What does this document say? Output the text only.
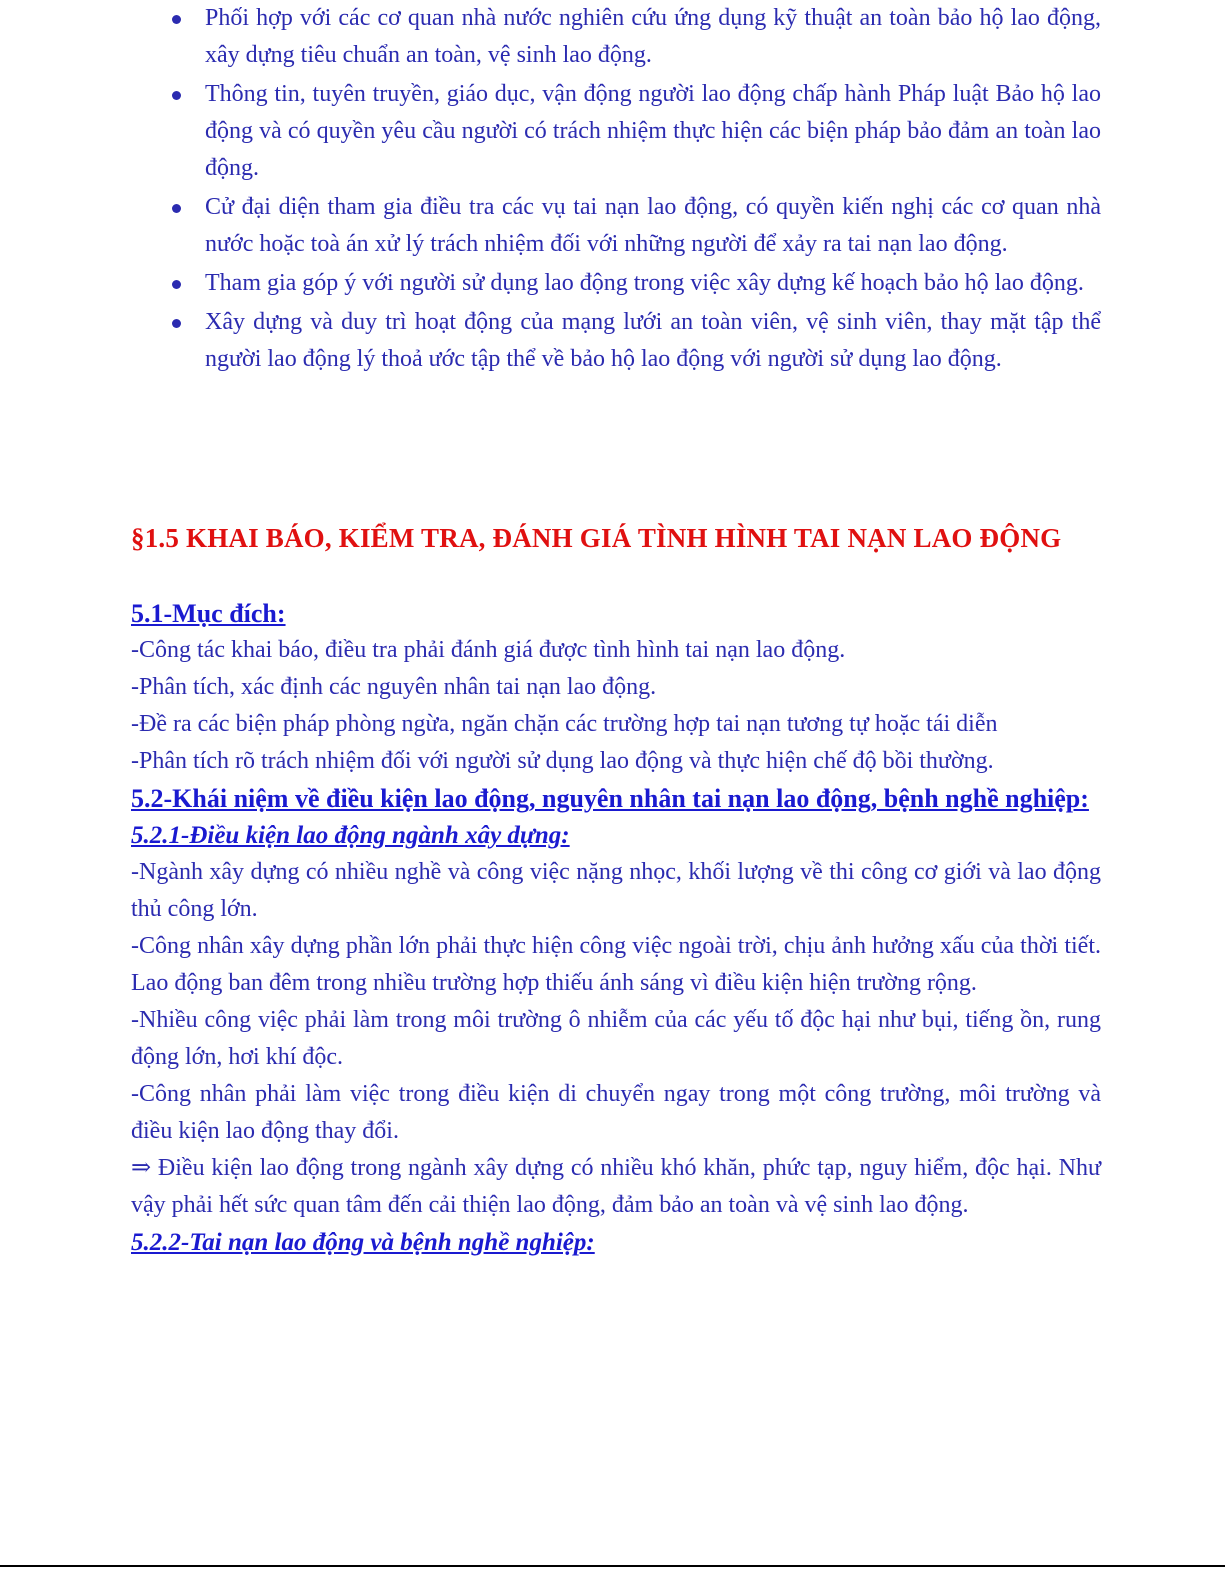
Phối hợp với các cơ quan nhà nước nghiên cứu ứng dụng kỹ thuật an toàn bảo hộ lao động, xây dựng tiêu chuẩn an toàn, vệ sinh lao động.
Thông tin, tuyên truyền, giáo dục, vận động người lao động chấp hành Pháp luật Bảo hộ lao động và có quyền yêu cầu người có trách nhiệm thực hiện các biện pháp bảo đảm an toàn lao động.
Cử đại diện tham gia điều tra các vụ tai nạn lao động, có quyền kiến nghị các cơ quan nhà nước hoặc toà án xử lý trách nhiệm đối với những người để xảy ra tai nạn lao động.
Tham gia góp ý với người sử dụng lao động trong việc xây dựng kế hoạch bảo hộ lao động.
Xây dựng và duy trì hoạt động của mạng lưới an toàn viên, vệ sinh viên, thay mặt tập thể người lao động lý thoả ước tập thể về bảo hộ lao động với người sử dụng lao động.
§1.5 KHAI BÁO, KIỂM TRA, ĐÁNH GIÁ TÌNH HÌNH TAI NẠN LAO ĐỘNG
5.1-Mục đích:
-Công tác khai báo, điều tra phải đánh giá được tình hình tai nạn lao động.
-Phân tích, xác định các nguyên nhân tai nạn lao động.
-Đề ra các biện pháp phòng ngừa, ngăn chặn các trường hợp tai nạn tương tự hoặc tái diễn
-Phân tích rõ trách nhiệm đối với người sử dụng lao động và thực hiện chế độ bồi thường.
5.2-Khái niệm về điều kiện lao động, nguyên nhân tai nạn lao động, bệnh nghề nghiệp:
5.2.1-Điều kiện lao động ngành xây dựng:
-Ngành xây dựng có nhiều nghề và công việc nặng nhọc, khối lượng về thi công cơ giới và lao động thủ công lớn.
-Công nhân xây dựng phần lớn phải thực hiện công việc ngoài trời, chịu ảnh hưởng xấu của thời tiết. Lao động ban đêm trong nhiều trường hợp thiếu ánh sáng vì điều kiện hiện trường rộng.
-Nhiều công việc phải làm trong môi trường ô nhiễm của các yếu tố độc hại như bụi, tiếng ồn, rung động lớn, hơi khí độc.
-Công nhân phải làm việc trong điều kiện di chuyển ngay trong một công trường, môi trường và điều kiện lao động thay đổi.
⇒ Điều kiện lao động trong ngành xây dựng có nhiều khó khăn, phức tạp, nguy hiểm, độc hại. Như vậy phải hết sức quan tâm đến cải thiện lao động, đảm bảo an toàn và vệ sinh lao động.
5.2.2-Tai nạn lao động và bệnh nghề nghiệp:
